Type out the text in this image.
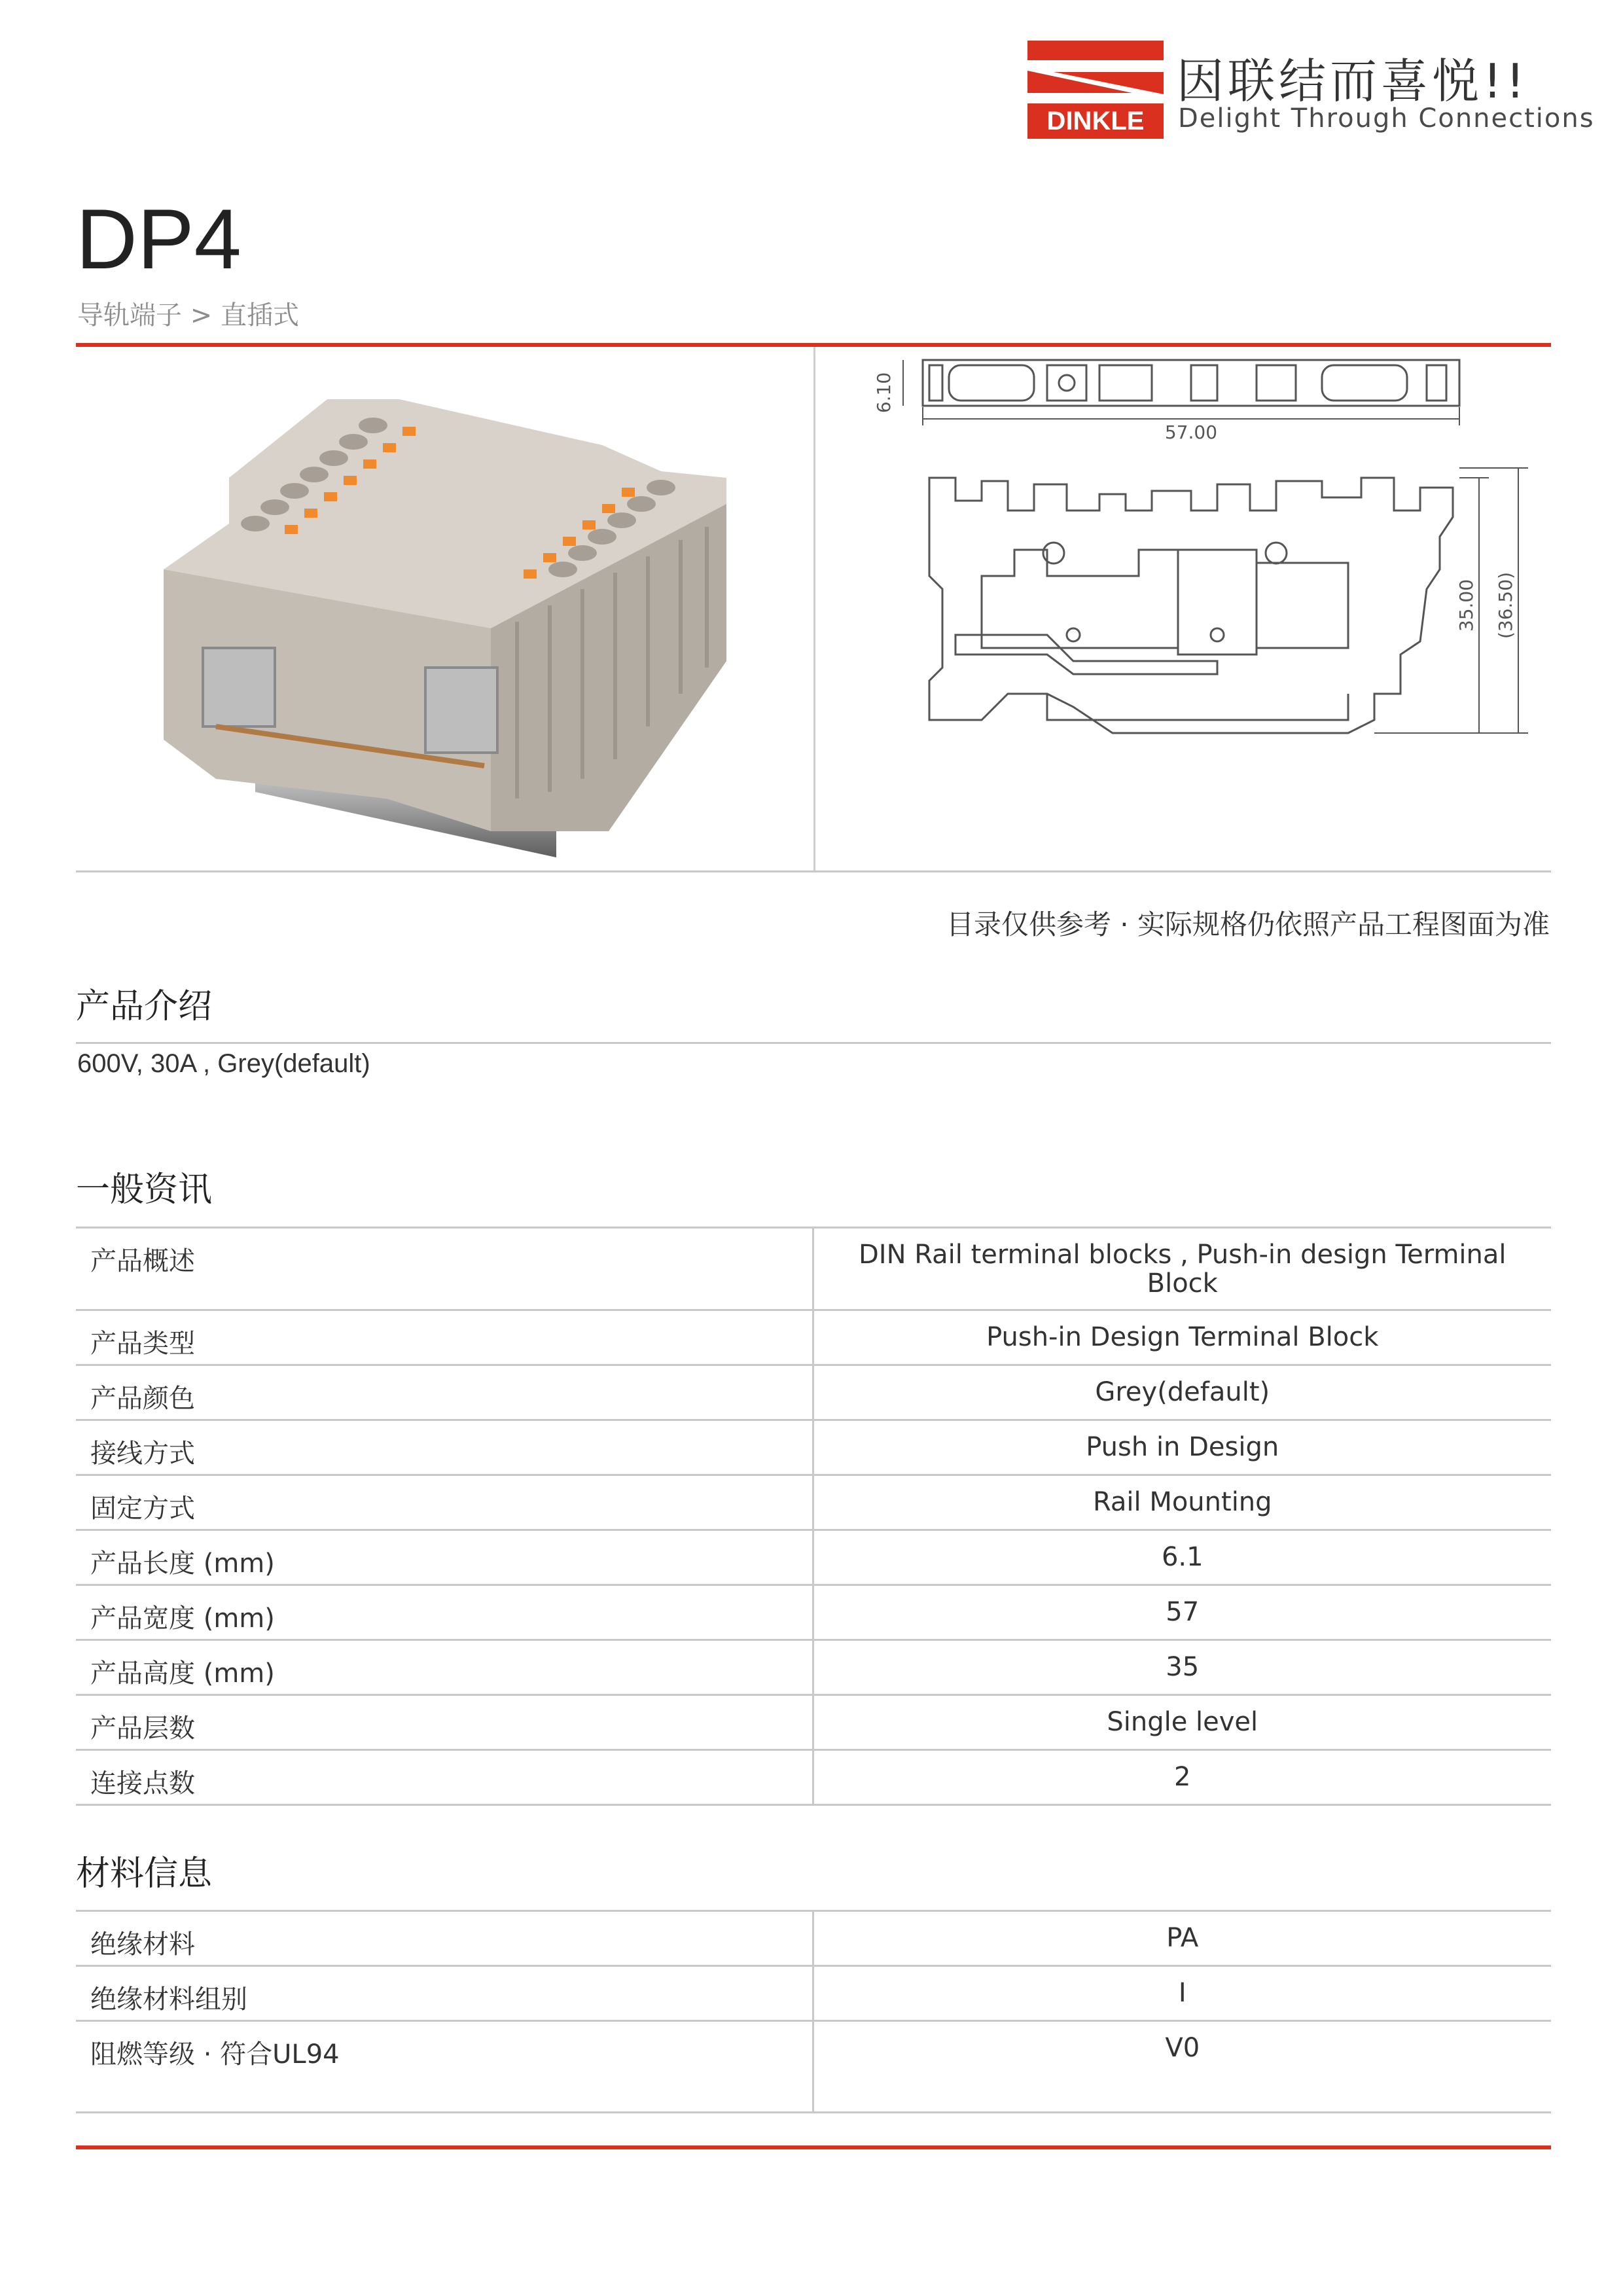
DINKLE
因联结而喜悦!!
Delight Through Connections
DP4
导轨端子 > 直插式
6.10
57.00
35.00 (36.50)
目录仅供参考 · 实际规格仍依照产品工程图面为准
产品介绍
600V, 30A , Grey(default)
一般资讯
产品概述	DIN Rail terminal blocks , Push-in design Terminal Block
产品类型	Push-in Design Terminal Block
产品颜色	Grey(default)
接线方式	Push in Design
固定方式	Rail Mounting
产品长度 (mm)	6.1
产品宽度 (mm)	57
产品高度 (mm)	35
产品层数	Single level
连接点数	2
材料信息
绝缘材料	PA
绝缘材料组别	I
阻燃等级 · 符合UL94	V0
